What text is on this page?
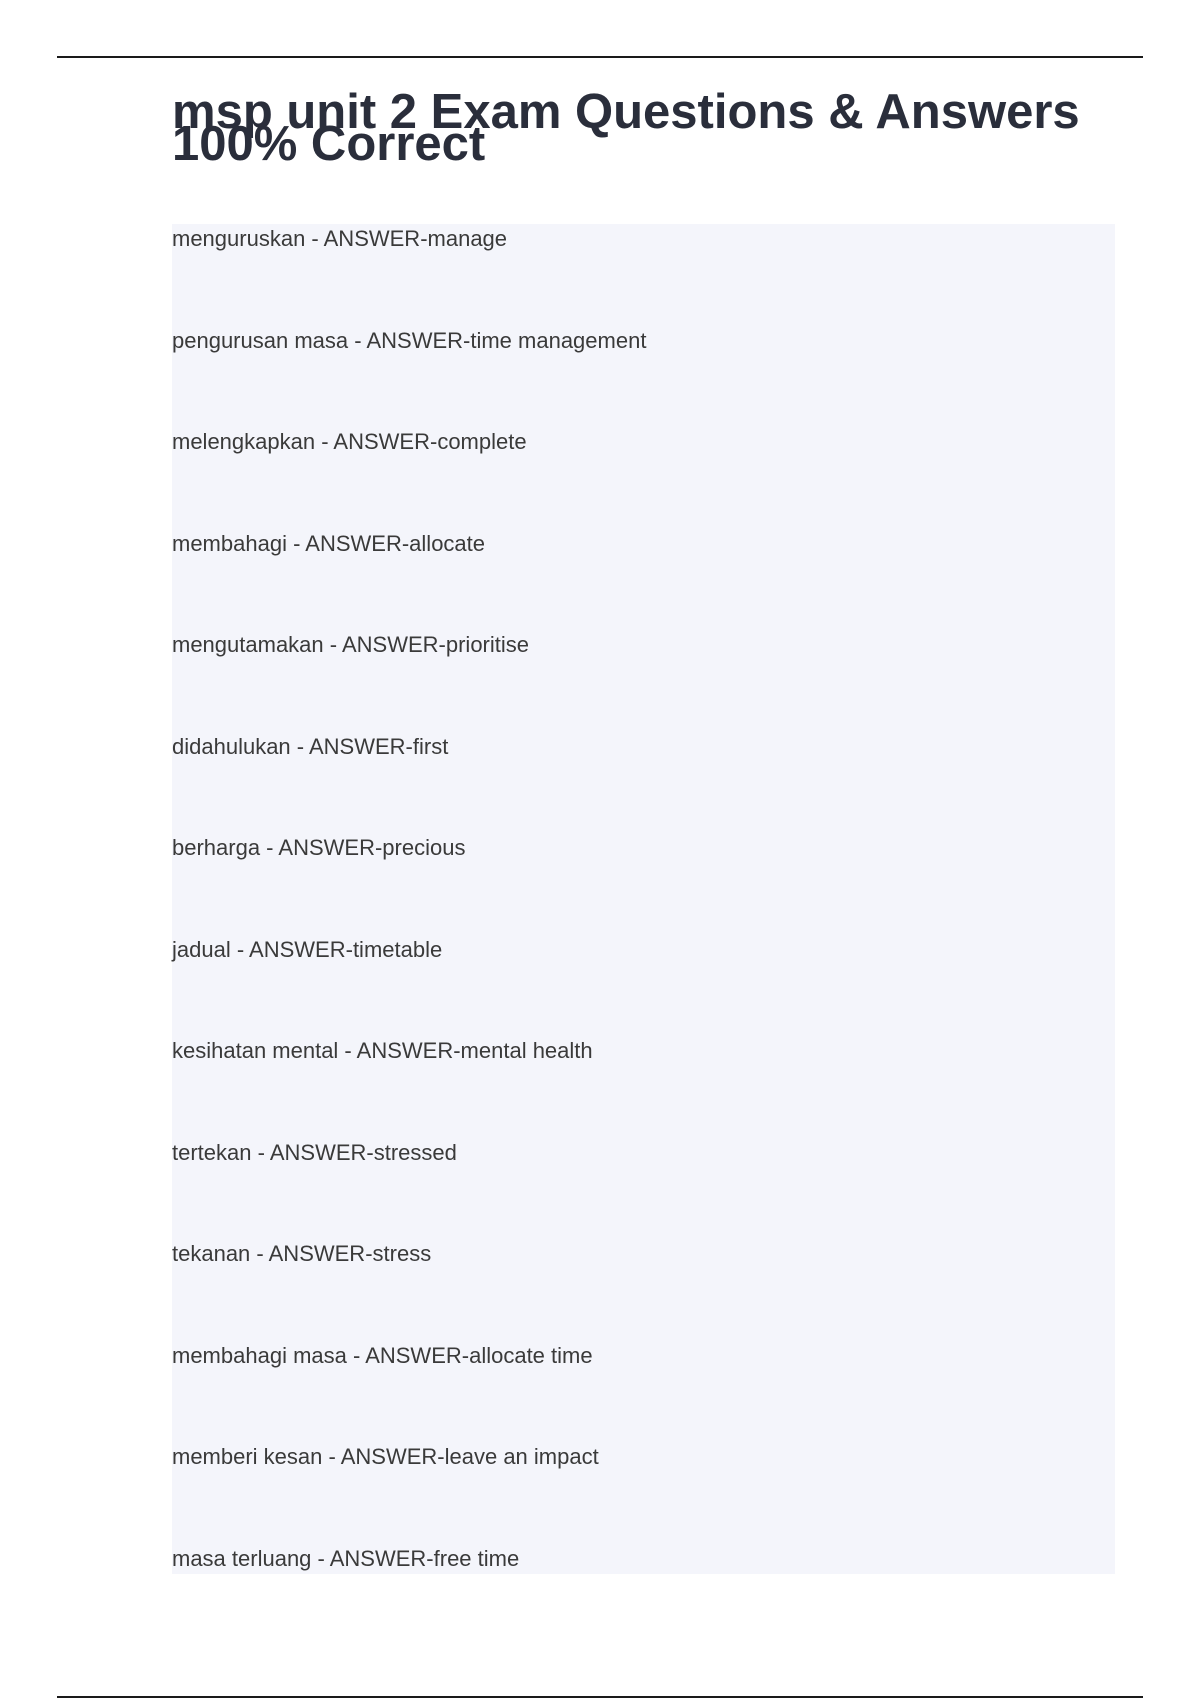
msp unit 2 Exam Questions & Answers 100% Correct
menguruskan - ANSWER-manage
pengurusan masa - ANSWER-time management
melengkapkan - ANSWER-complete
membahagi - ANSWER-allocate
mengutamakan - ANSWER-prioritise
didahulukan - ANSWER-first
berharga - ANSWER-precious
jadual - ANSWER-timetable
kesihatan mental - ANSWER-mental health
tertekan - ANSWER-stressed
tekanan - ANSWER-stress
membahagi masa - ANSWER-allocate time
memberi kesan - ANSWER-leave an impact
masa terluang - ANSWER-free time
